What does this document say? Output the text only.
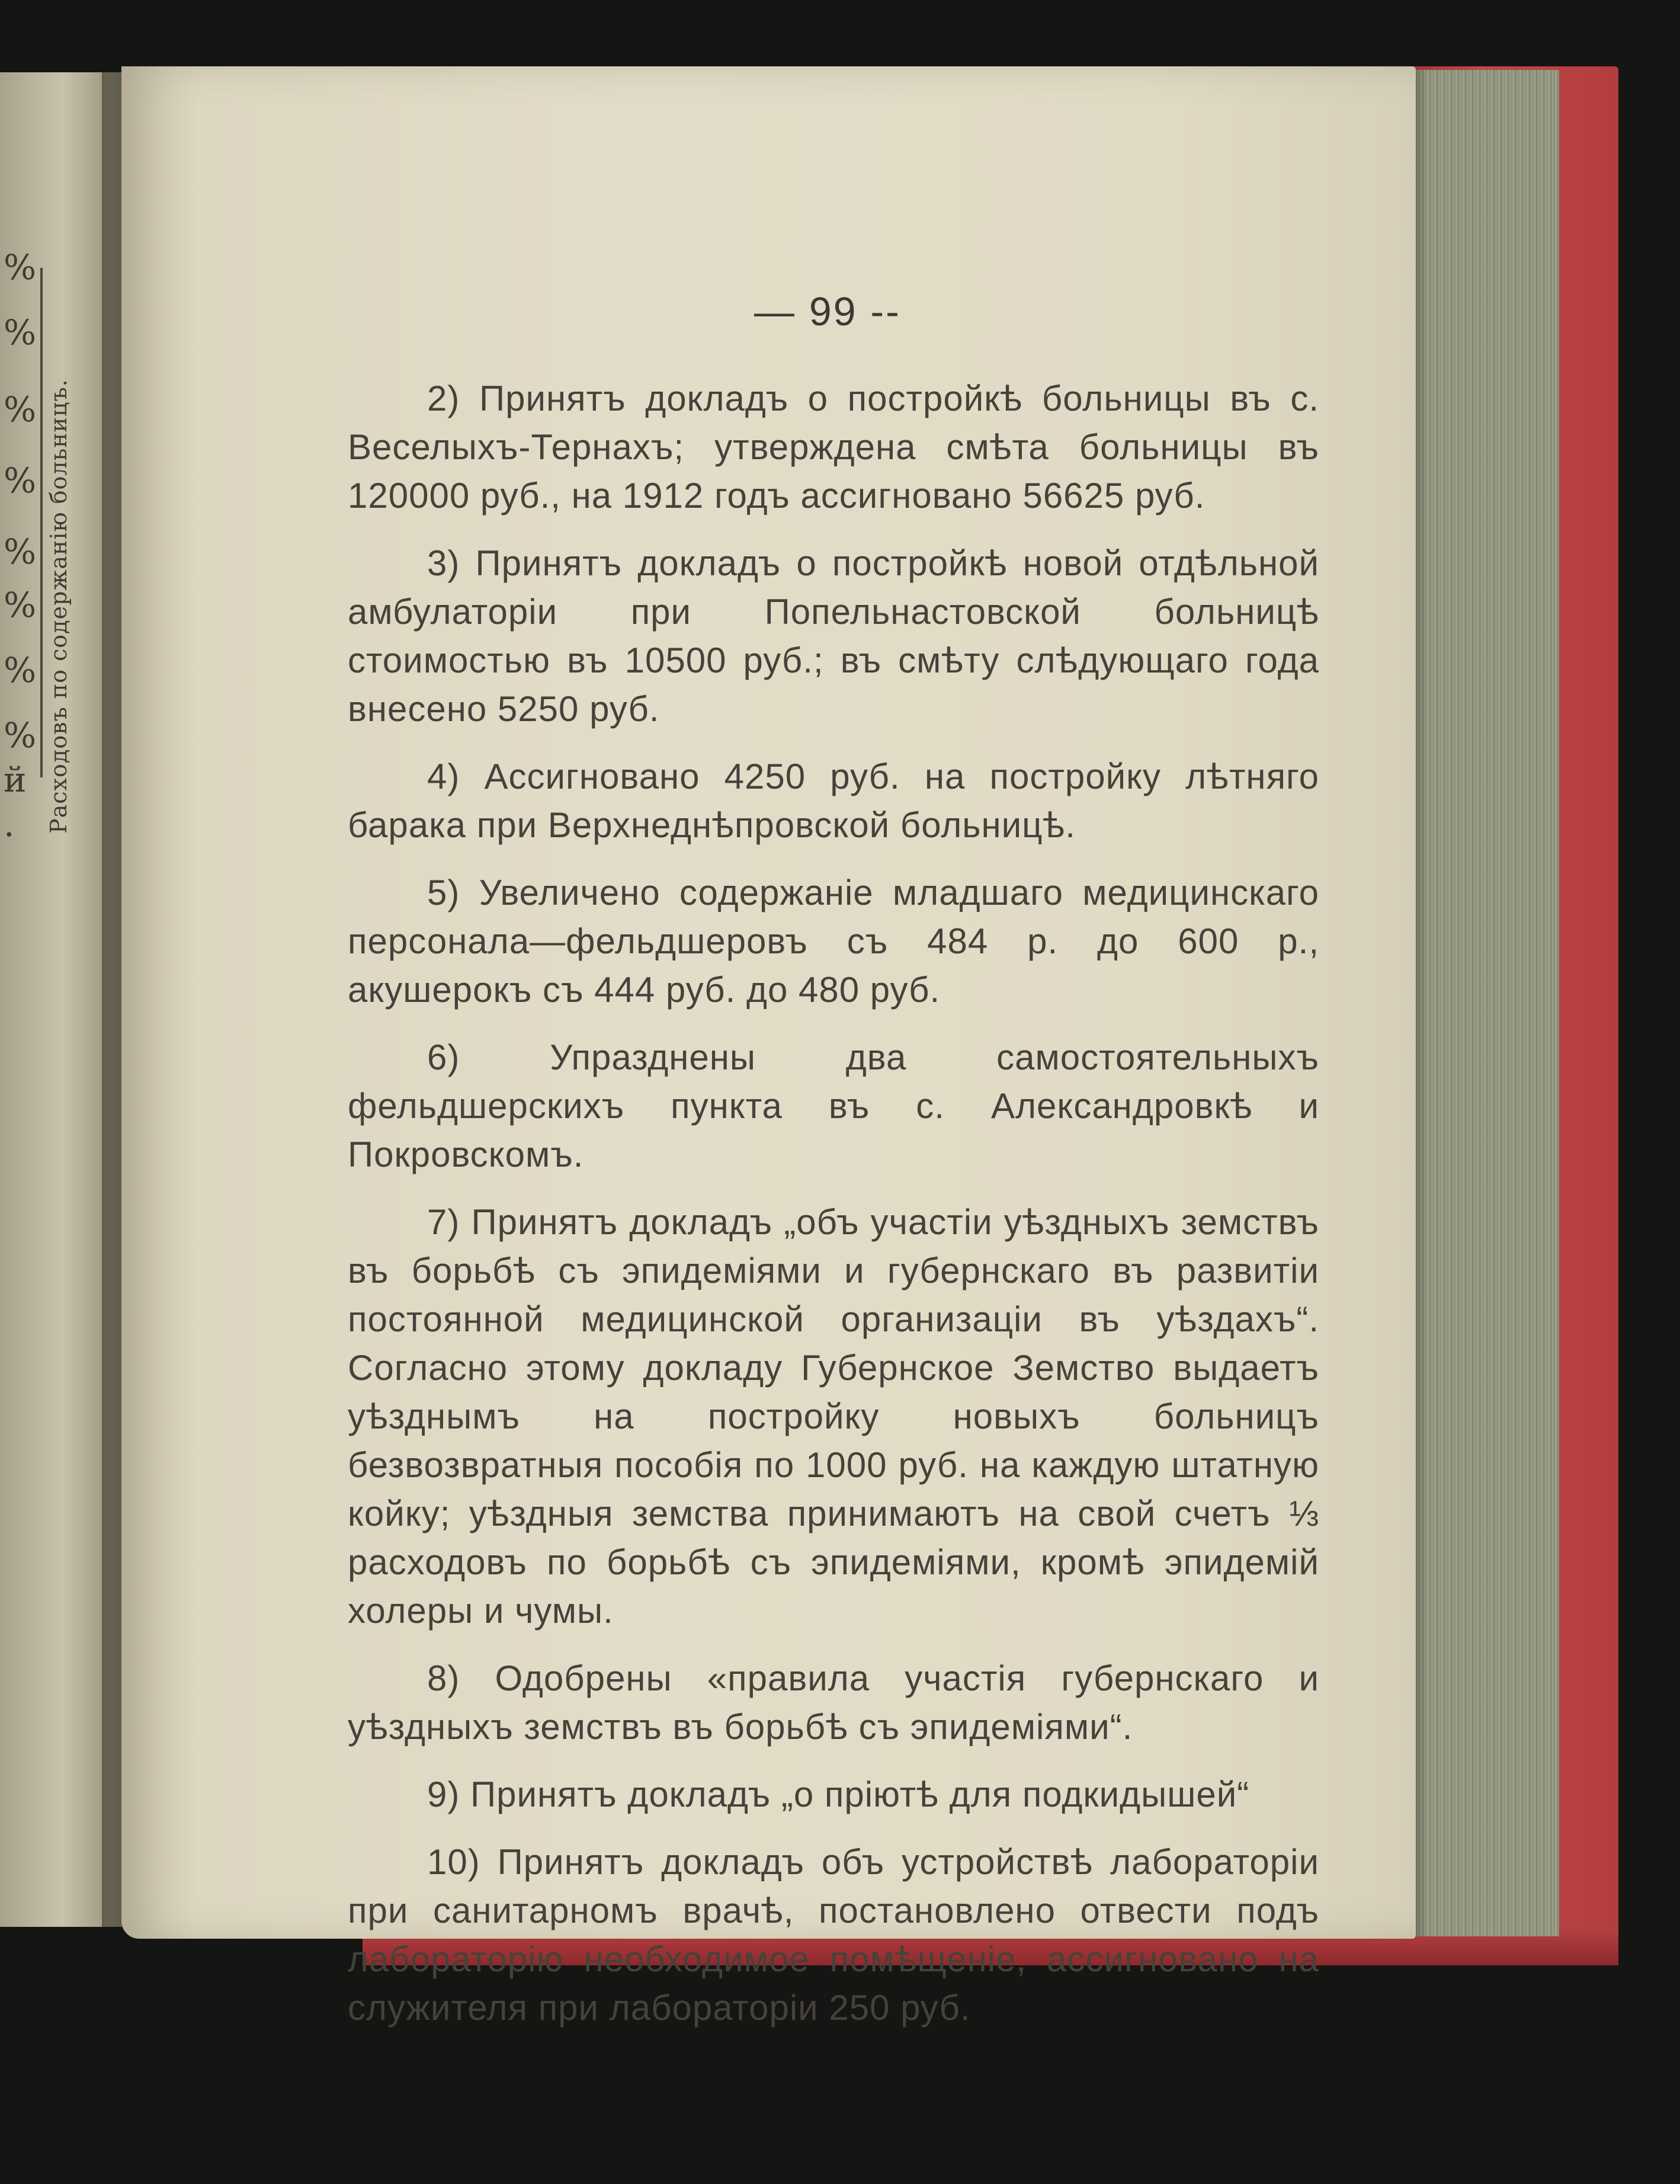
%
%
%
%
%
%
%
%
й
. Расходовъ по содержанію больницъ.
— 99 --

2) Принятъ докладъ о постройкѣ больницы въ с. Веселыхъ-Тернахъ; утверждена смѣта больницы въ 120000 руб., на 1912 годъ ассигновано 56625 руб.

3) Принятъ докладъ о постройкѣ новой отдѣльной амбулаторіи при Попельнастовской больницѣ стоимостью въ 10500 руб.; въ смѣту слѣдующаго года внесено 5250 руб.

4) Ассигновано 4250 руб. на постройку лѣтняго барака при Верхнеднѣпровской больницѣ.

5) Увеличено содержаніе младшаго медицинскаго персонала—фельдшеровъ съ 484 р. до 600 р., акушерокъ съ 444 руб. до 480 руб.

6) Упразднены два самостоятельныхъ фельдшерскихъ пункта въ с. Александровкѣ и Покровскомъ.

7) Принятъ докладъ „объ участіи уѣздныхъ земствъ въ борьбѣ съ эпидеміями и губернскаго въ развитіи постоянной медицинской организаціи въ уѣздахъ“. Согласно этому докладу Губернское Земство выдаетъ уѣзднымъ на постройку новыхъ больницъ безвозвратныя пособія по 1000 руб. на каждую штатную койку; уѣздныя земства принимаютъ на свой счетъ ⅓ расходовъ по борьбѣ съ эпидеміями, кромѣ эпидемій холеры и чумы.

8) Одобрены «правила участія губернскаго и уѣздныхъ земствъ въ борьбѣ съ эпидеміями“.

9) Принятъ докладъ „о пріютѣ для подкидышей“

10) Принятъ докладъ объ устройствѣ лабораторіи при санитарномъ врачѣ, постановлено отвести подъ лабораторію необходимое помѣщеніе, ассигновано на служителя при лабораторіи 250 руб.
